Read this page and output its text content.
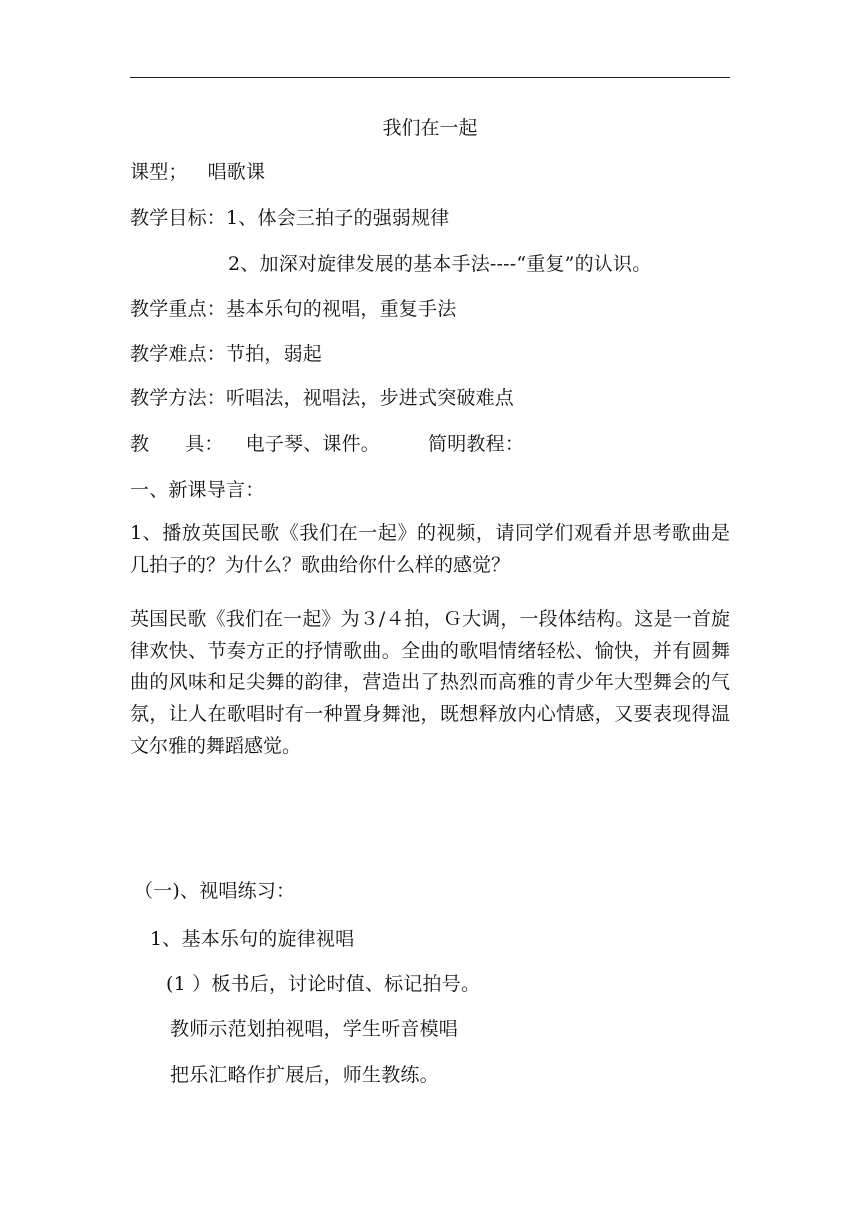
我们在一起
课型； 唱歌课
教学目标：1、体会三拍子的强弱规律
2、加深对旋律发展的基本手法----“重复”的认识。
教学重点：基本乐句的视唱，重复手法
教学难点：节拍，弱起
教学方法：听唱法，视唱法，步进式突破难点
教 具： 电子琴、课件。	简明教程：
一、新课导言：
1、播放英国民歌《我们在一起》的视频，请同学们观看并思考歌曲是几拍子的？为什么？歌曲给你什么样的感觉？
英国民歌《我们在一起》为３/４拍，Ｇ大调，一段体结构。这是一首旋律欢快、节奏方正的抒情歌曲。全曲的歌唱情绪轻松、愉快，并有圆舞曲的风味和足尖舞的韵律，营造出了热烈而高雅的青少年大型舞会的气氛，让人在歌唱时有一种置身舞池，既想释放内心情感，又要表现得温文尔雅的舞蹈感觉。
（一)、视唱练习：
1、基本乐句的旋律视唱
(1 ）板书后，讨论时值、标记拍号。
教师示范划拍视唱，学生听音模唱
把乐汇略作扩展后，师生教练。
